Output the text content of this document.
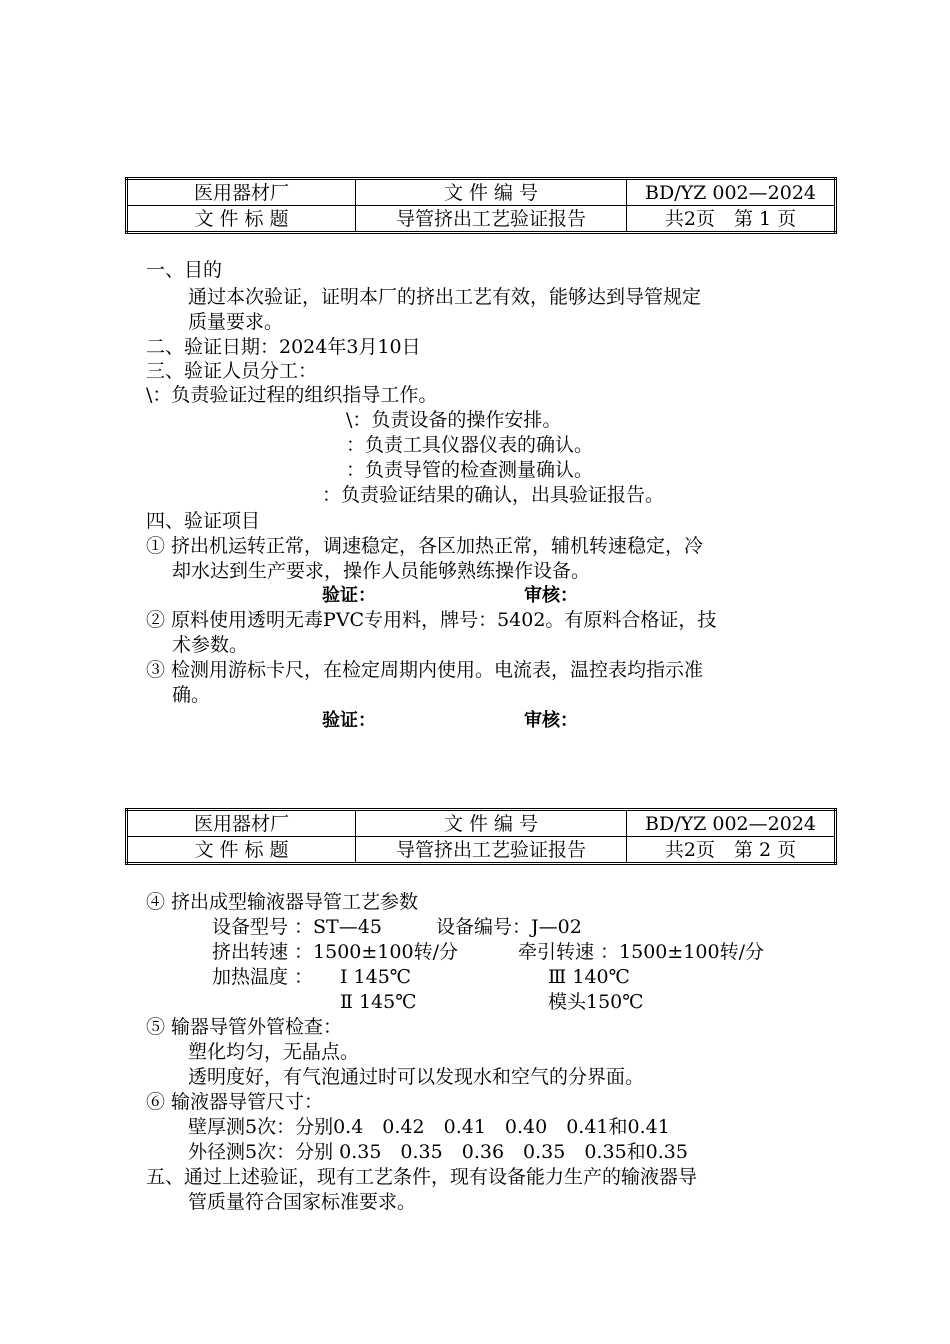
医用器材厂	文 件 编 号	BD/YZ 002—2024
文 件 标 题	导管挤出工艺验证报告	共2页　第 1 页
一、目的
通过本次验证，证明本厂的挤出工艺有效，能够达到导管规定
质量要求。
二、验证日期：2024年3月10日
三、验证人员分工：
\：负责验证过程的组织指导工作。
\：负责设备的操作安排。
：负责工具仪器仪表的确认。
：负责导管的检查测量确认。
：负责验证结果的确认，出具验证报告。
四、验证项目
① 挤出机运转正常，调速稳定，各区加热正常，辅机转速稳定，冷
却水达到生产要求，操作人员能够熟练操作设备。
验证：	审核：
② 原料使用透明无毒PVC专用料，牌号：5402。有原料合格证，技
术参数。
③ 检测用游标卡尺，在检定周期内使用。电流表，温控表均指示准
确。
验证：	审核：
医用器材厂	文 件 编 号	BD/YZ 002—2024
文 件 标 题	导管挤出工艺验证报告	共2页　第 2 页
④ 挤出成型输液器导管工艺参数
设备型号 ：ST—45	设备编号：J—02
挤出转速 ：1500±100转/分	牵引转速 ：1500±100转/分
加热温度 ： Ⅰ 145℃	Ⅲ 140℃
Ⅱ 145℃	模头150℃
⑤ 输器导管外管检查：
塑化均匀，无晶点。
透明度好，有气泡通过时可以发现水和空气的分界面。
⑥ 输液器导管尺寸：
壁厚测5次：分别0.4　0.42　0.41　0.40　0.41和0.41
外径测5次：分别 0.35　0.35　0.36　0.35　0.35和0.35
五、通过上述验证，现有工艺条件，现有设备能力生产的输液器导
管质量符合国家标准要求。
